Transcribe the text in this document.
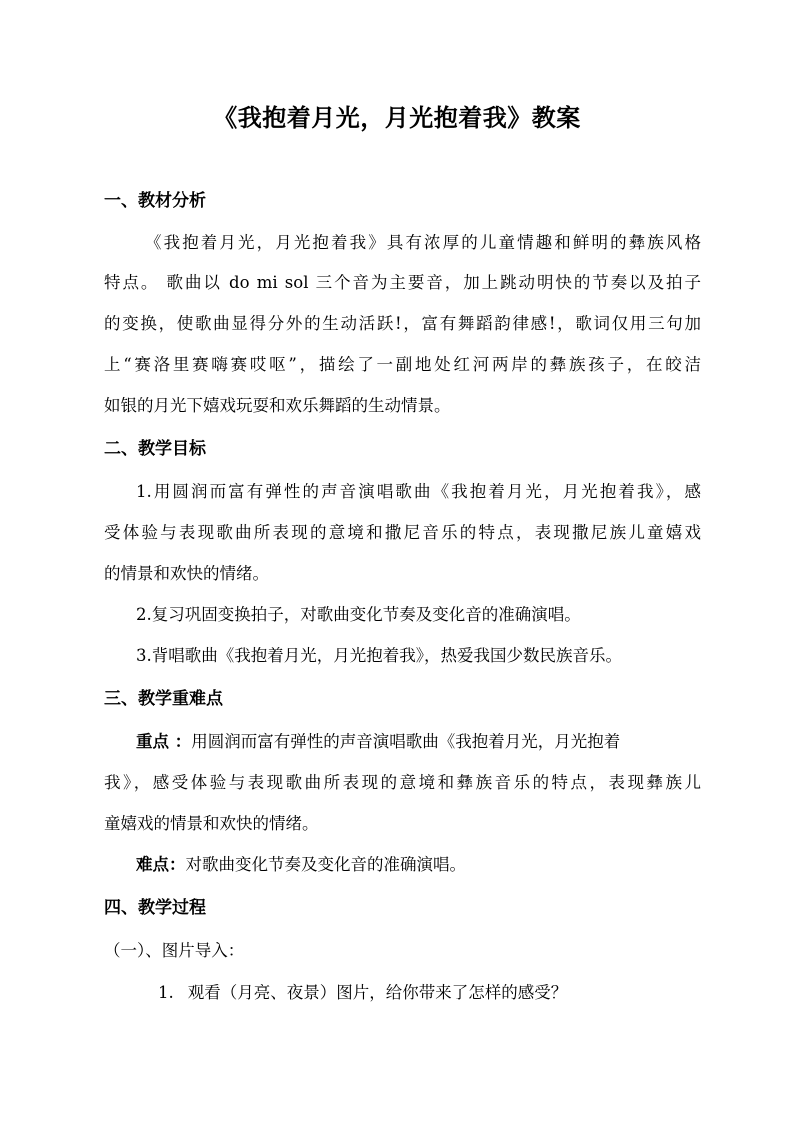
《我抱着月光，月光抱着我》教案
一、教材分析
《我抱着月光，月光抱着我》具有浓厚的儿童情趣和鲜明的彝族风格
特点。 歌曲以 do mi sol 三个音为主要音，加上跳动明快的节奏以及拍子
的变换，使歌曲显得分外的生动活跃!，富有舞蹈韵律感!，歌词仅用三句加
上“赛洛里赛嗨赛哎呕”，描绘了一副地处红河两岸的彝族孩子，在皎洁
如银的月光下嬉戏玩耍和欢乐舞蹈的生动情景。
二、教学目标
1.用圆润而富有弹性的声音演唱歌曲《我抱着月光，月光抱着我》，感
受体验与表现歌曲所表现的意境和撒尼音乐的特点，表现撒尼族儿童嬉戏
的情景和欢快的情绪。
2.复习巩固变换拍子，对歌曲变化节奏及变化音的准确演唱。
3.背唱歌曲《我抱着月光，月光抱着我》，热爱我国少数民族音乐。
三、教学重难点
重点 ：用圆润而富有弹性的声音演唱歌曲《我抱着月光，月光抱着
我》，感受体验与表现歌曲所表现的意境和彝族音乐的特点，表现彝族儿
童嬉戏的情景和欢快的情绪。
难点：对歌曲变化节奏及变化音的准确演唱。
四、教学过程
（一）、图片导入：
1. 观看（月亮、夜景）图片，给你带来了怎样的感受？
